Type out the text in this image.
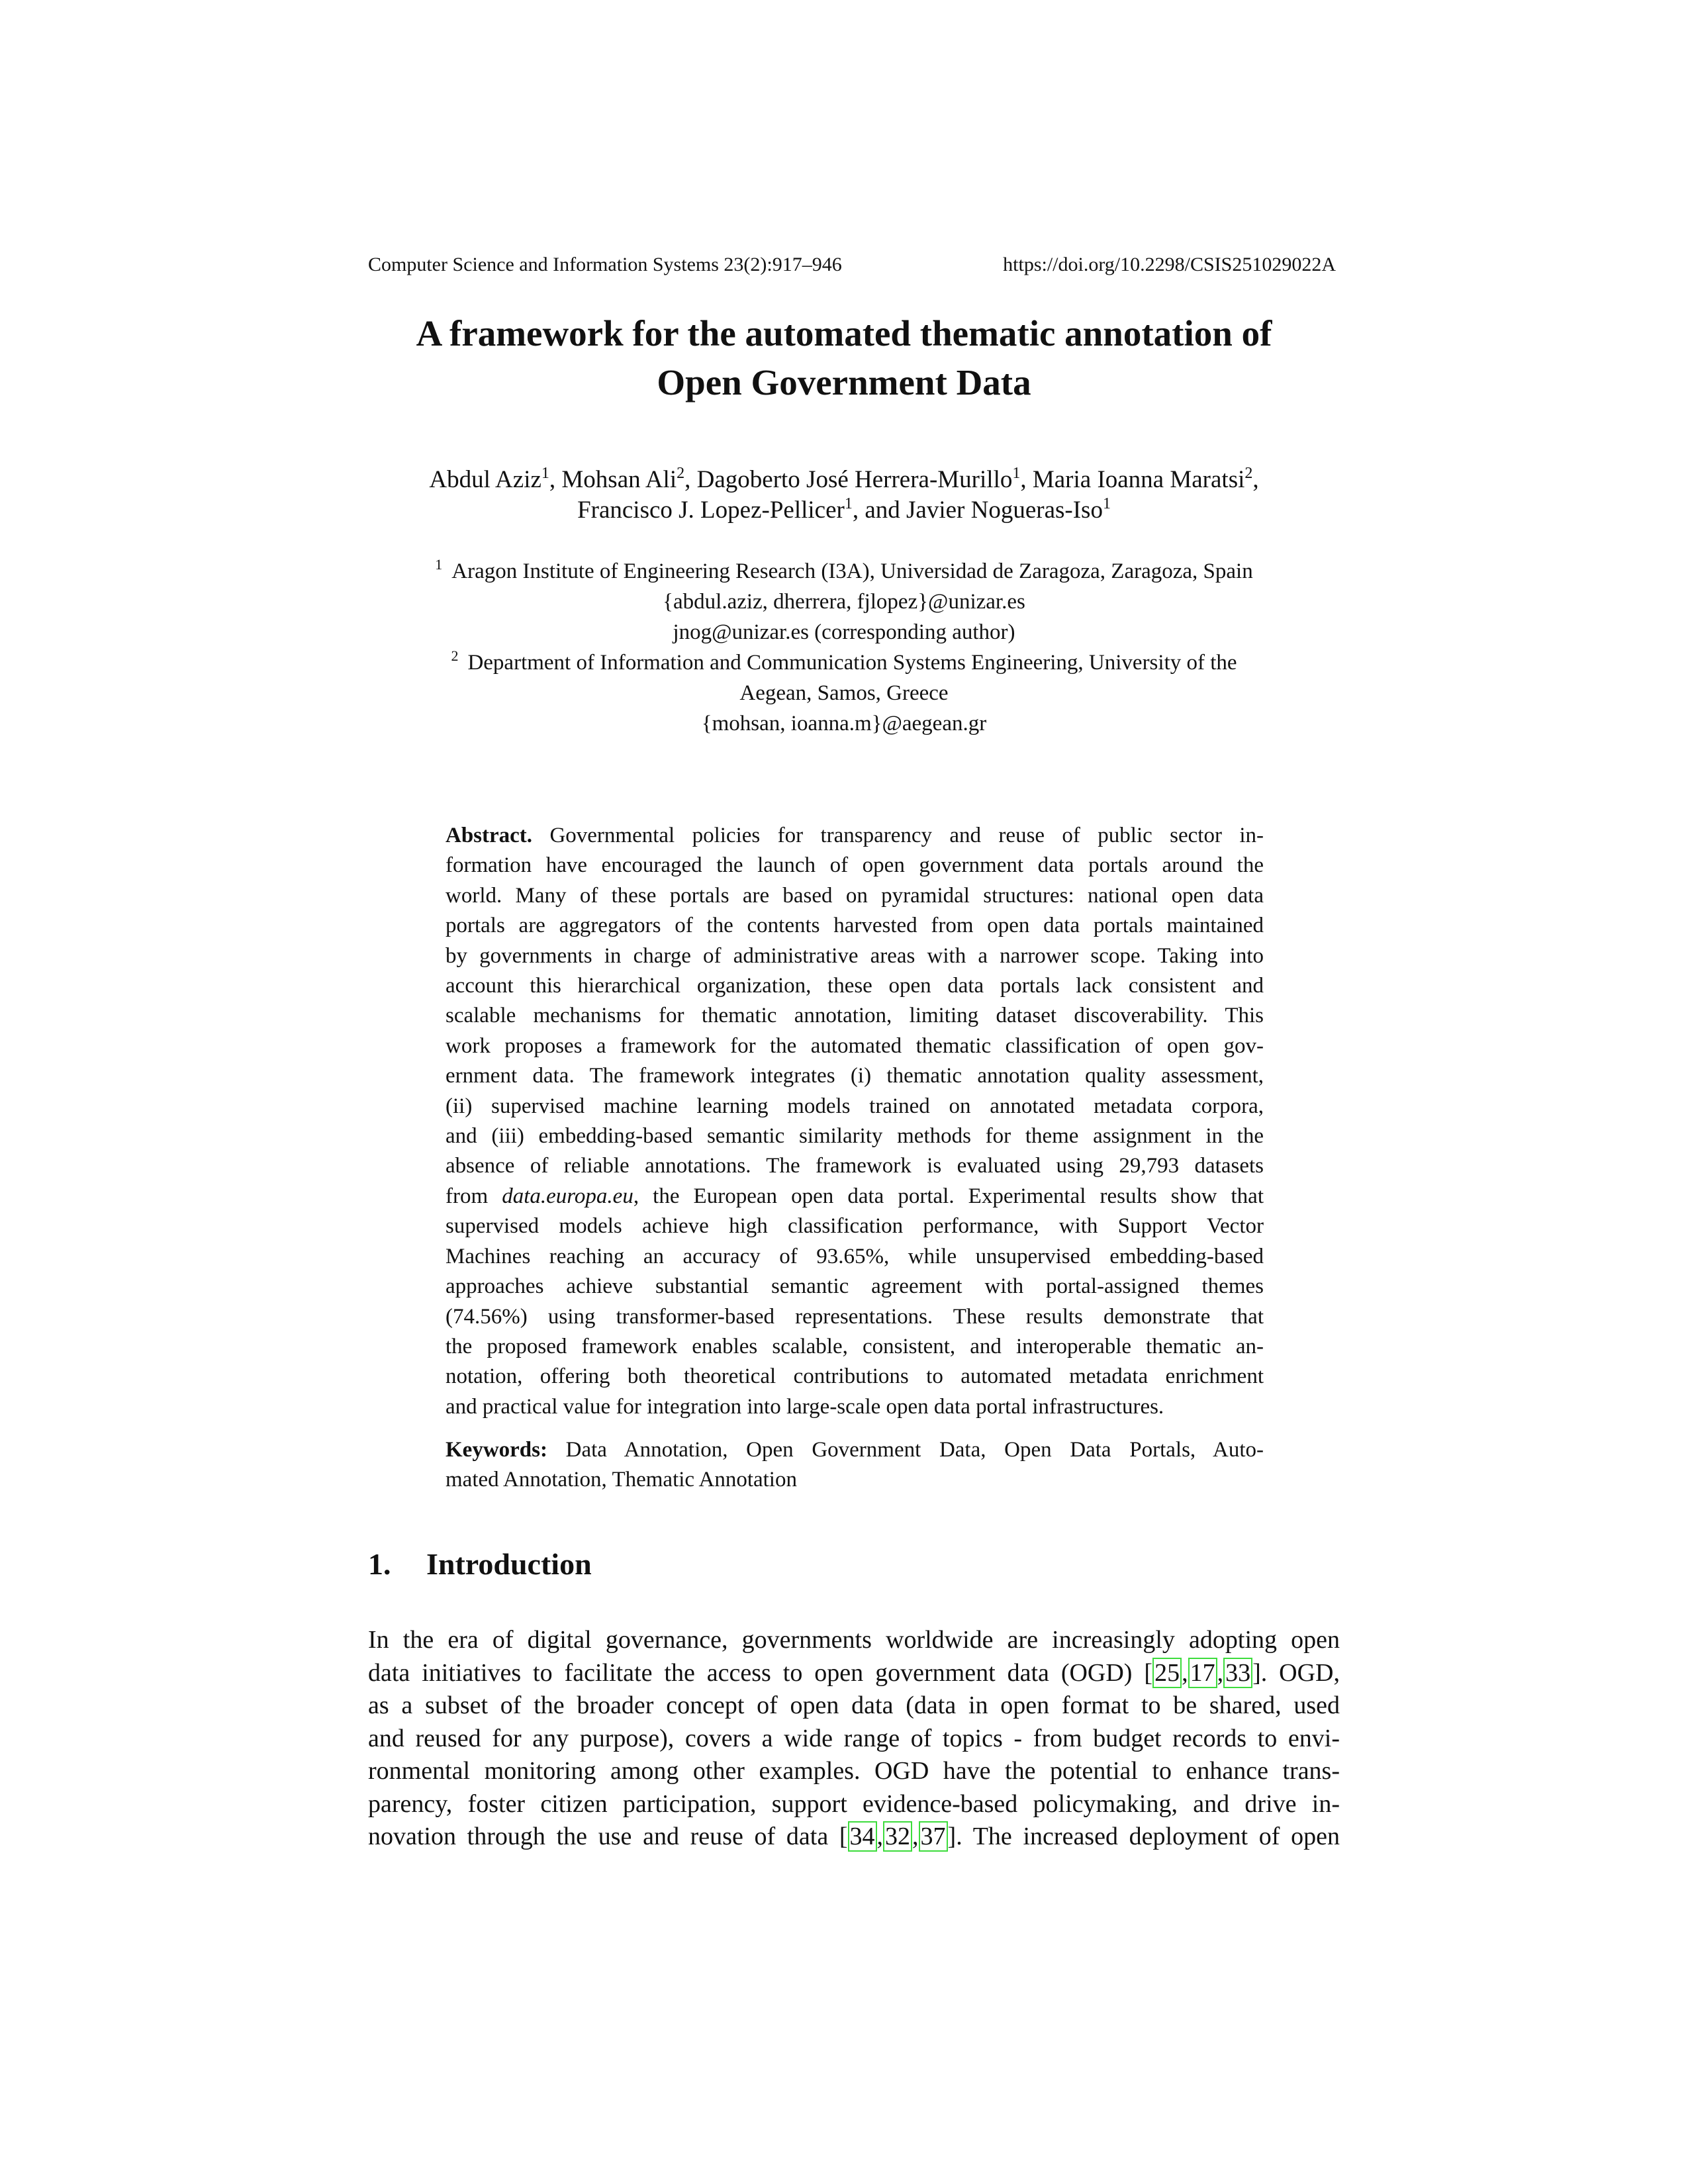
Computer Science and Information Systems 23(2):917–946	https://doi.org/10.2298/CSIS251029022A
A framework for the automated thematic annotation of
Open Government Data
Abdul Aziz$^1$, Mohsan Ali$^2$, Dagoberto José Herrera-Murillo$^1$, Maria Ioanna Maratsi$^2$,
Francisco J. Lopez-Pellicer$^1$, and Javier Nogueras-Iso$^1$
$^1$ Aragon Institute of Engineering Research (I3A), Universidad de Zaragoza, Zaragoza, Spain
{abdul.aziz, dherrera, fjlopez}@unizar.es
jnog@unizar.es (corresponding author)
$^2$ Department of Information and Communication Systems Engineering, University of the
Aegean, Samos, Greece
{mohsan, ioanna.m}@aegean.gr
Abstract. Governmental policies for transparency and reuse of public sector in-
formation have encouraged the launch of open government data portals around the
world. Many of these portals are based on pyramidal structures: national open data
portals are aggregators of the contents harvested from open data portals maintained
by governments in charge of administrative areas with a narrower scope. Taking into
account this hierarchical organization, these open data portals lack consistent and
scalable mechanisms for thematic annotation, limiting dataset discoverability. This
work proposes a framework for the automated thematic classification of open gov-
ernment data. The framework integrates (i) thematic annotation quality assessment,
(ii) supervised machine learning models trained on annotated metadata corpora,
and (iii) embedding-based semantic similarity methods for theme assignment in the
absence of reliable annotations. The framework is evaluated using 29,793 datasets
from data.europa.eu, the European open data portal. Experimental results show that
supervised models achieve high classification performance, with Support Vector
Machines reaching an accuracy of 93.65%, while unsupervised embedding-based
approaches achieve substantial semantic agreement with portal-assigned themes
(74.56%) using transformer-based representations. These results demonstrate that
the proposed framework enables scalable, consistent, and interoperable thematic an-
notation, offering both theoretical contributions to automated metadata enrichment
and practical value for integration into large-scale open data portal infrastructures.
Keywords: Data Annotation, Open Government Data, Open Data Portals, Auto-
mated Annotation, Thematic Annotation
1. Introduction
In the era of digital governance, governments worldwide are increasingly adopting open
data initiatives to facilitate the access to open government data (OGD) [25,17,33]. OGD,
as a subset of the broader concept of open data (data in open format to be shared, used
and reused for any purpose), covers a wide range of topics - from budget records to envi-
ronmental monitoring among other examples. OGD have the potential to enhance trans-
parency, foster citizen participation, support evidence-based policymaking, and drive in-
novation through the use and reuse of data [34,32,37]. The increased deployment of open
